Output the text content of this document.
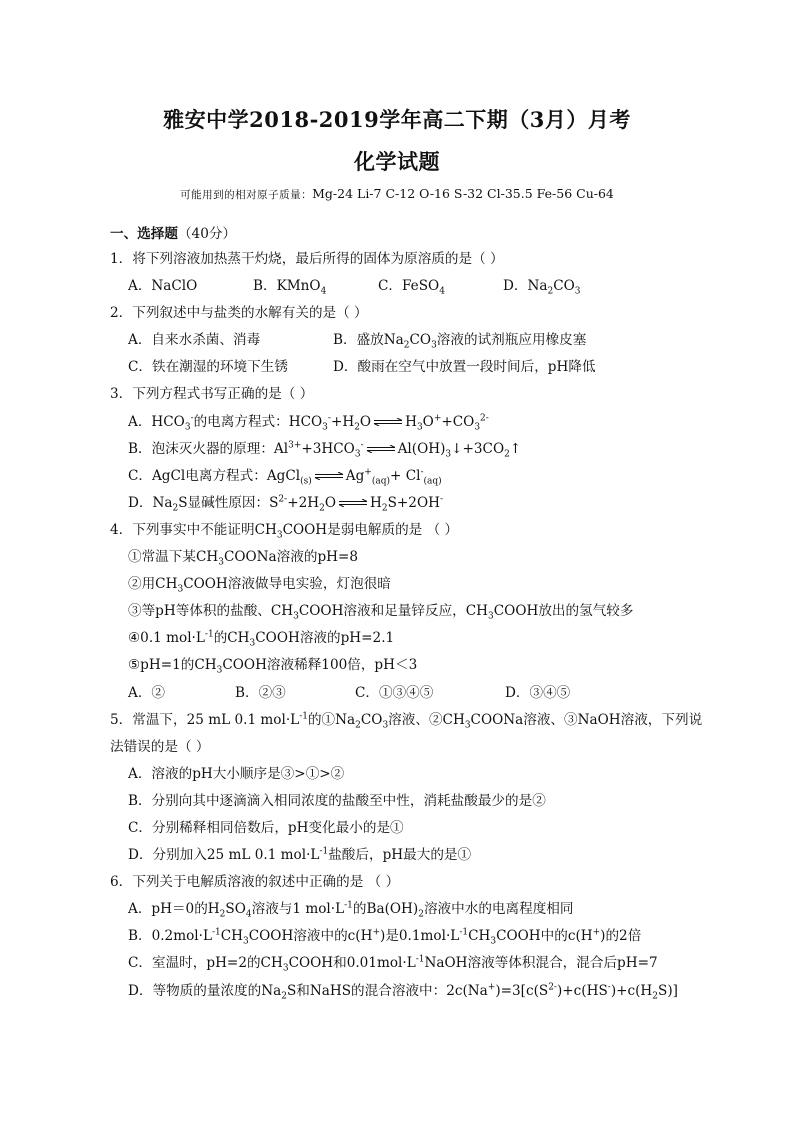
雅安中学2018-2019学年高二下期（3月）月考
化学试题
可能用到的相对原子质量：Mg-24 Li-7 C-12 O-16 S-32 Cl-35.5 Fe-56 Cu-64
一、选择题（40分）
1．将下列溶液加热蒸干灼烧，最后所得的固体为原溶质的是（ ）
A．NaClO	B．KMnO$_4$	C．FeSO$_4$	D．$Na_2CO_3$
2．下列叙述中与盐类的水解有关的是（ ）
A．自来水杀菌、消毒	B．盛放$Na_2CO_3$溶液的试剂瓶应用橡皮塞
C．铁在潮湿的环境下生锈	D．酸雨在空气中放置一段时间后，pH降低
3．下列方程式书写正确的是（ ）
A．$HCO_3^-$的电离方程式：$HCO_3^-+H_2O$	$H_3O^++CO_3^{2-}$
B．泡沫灭火器的原理：$Al^{3+}+3HCO_3^-$	$Al(OH)_3↓+3CO_2↑$
C．AgCl电离方程式：AgCl$_{(s)}$	$Ag^+_{(aq)}+ Cl^-_{(aq)}$
D．$Na_2S$显碱性原因：$S^{2-}+2H_2O$	$H_2S+2OH^-$
4．下列事实中不能证明$CH_3COOH$是弱电解质的是 （ ）
①常温下某$CH_3COONa$溶液的pH=8
②用$CH_3COOH$溶液做导电实验，灯泡很暗
③等pH等体积的盐酸、$CH_3COOH$溶液和足量锌反应，$CH_3COOH$放出的氢气较多
④0.1 $mol\cdot L^{-1}$的$CH_3COOH$溶液的pH=2.1
⑤pH=1的$CH_3COOH$溶液稀释100倍，pH＜3
A．②	B．②③	C．①③④⑤	D．③④⑤
5．常温下，25 mL 0.1 $mol\cdot L^{-1}$的$①Na_2CO_3$溶液、$②CH_3COONa$溶液、③NaOH溶液，下列说
法错误的是（ ）
A．溶液的pH大小顺序是③>①>②
B．分别向其中逐滴滴入相同浓度的盐酸至中性，消耗盐酸最少的是②
C．分别稀释相同倍数后，pH变化最小的是①
D．分别加入25 mL 0.1 $mol\cdot L^{-1}$盐酸后，pH最大的是①
6．下列关于电解质溶液的叙述中正确的是 （ ）
A．pH＝0的$H_2SO_4$溶液与1 $mol\cdot L^{-1}$的$Ba(OH)_2$溶液中水的电离程度相同
B．$0.2mol\cdot L^{-1}CH_3COOH$溶液中的c(H+)是$0.1mol\cdot L^{-1}CH_3COOH$中的c(H+)的2倍
C．室温时，pH=2的$CH_3COOH$和$0.01mol\cdot L^{-1}NaOH$溶液等体积混合，混合后pH=7
D．等物质的量浓度的$Na_2S$和NaHS的混合溶液中：$2c(Na^+)=3[c(S^{2-})+c(HS^-)+c(H_2S)]$
